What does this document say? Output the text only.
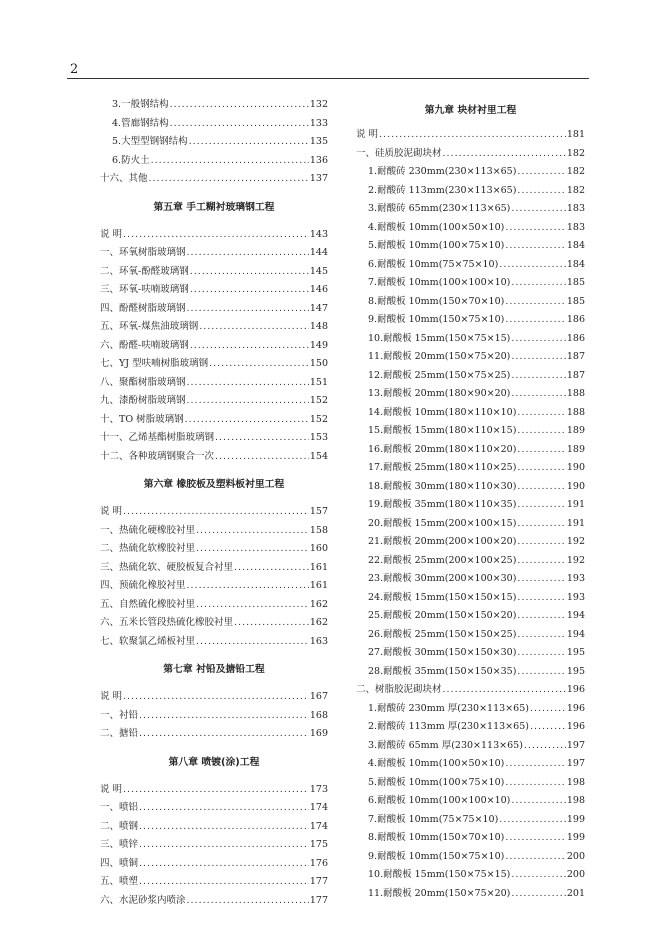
2
3.一般钢结构 .....	132
4.管廊钢结构 .....	133
5.大型型钢钢结构 .....	135
6.防火土 .....	136
十六、其他 .....	137
第五章 手工糊衬玻璃钢工程
说 明 .....	143
一、环氧树脂玻璃钢 .....	144
二、环氧-酚醛玻璃钢 .....	145
三、环氧-呋喃玻璃钢 .....	146
四、酚醛树脂玻璃钢 .....	147
五、环氧-煤焦油玻璃钢 .....	148
六、酚醛-呋喃玻璃钢 .....	149
七、YJ 型呋喃树脂玻璃钢 .....	150
八、聚酯树脂玻璃钢 .....	151
九、漆酚树脂玻璃钢 .....	152
十、TO 树脂玻璃钢 .....	152
十一、乙烯基酯树脂玻璃钢 .....	153
十二、各种玻璃钢聚合一次 .....	154
第六章 橡胶板及塑料板衬里工程
说 明 .....	157
一、热硫化硬橡胶衬里 .....	158
二、热硫化软橡胶衬里 .....	160
三、热硫化软、硬胶板复合衬里 .....	161
四、预硫化橡胶衬里 .....	161
五、自然硫化橡胶衬里 .....	162
六、五米长管段热硫化橡胶衬里 .....	162
七、软聚氯乙烯板衬里 .....	163
第七章 衬铅及搪铅工程
说 明 .....	167
一、衬铅 .....	168
二、搪铅 .....	169
第八章 喷镀(涂)工程
说 明 .....	173
一、喷铝 .....	174
二、喷钢 .....	174
三、喷锌 .....	175
四、喷铜 .....	176
五、喷塑 .....	177
六、水泥砂浆内喷涂 .....	177
第九章 块材衬里工程
说 明 .....	181
一、硅质胶泥砌块材 .....	182
1.耐酸砖 230mm(230×113×65) .....	182
2.耐酸砖 113mm(230×113×65) .....	182
3.耐酸砖 65mm(230×113×65) .....	183
4.耐酸板 10mm(100×50×10) .....	183
5.耐酸板 10mm(100×75×10) .....	184
6.耐酸板 10mm(75×75×10) .....	184
7.耐酸板 10mm(100×100×10) .....	185
8.耐酸板 10mm(150×70×10) .....	185
9.耐酸板 10mm(150×75×10) .....	186
10.耐酸板 15mm(150×75×15) .....	186
11.耐酸板 20mm(150×75×20) .....	187
12.耐酸板 25mm(150×75×25) .....	187
13.耐酸板 20mm(180×90×20) .....	188
14.耐酸板 10mm(180×110×10) .....	188
15.耐酸板 15mm(180×110×15) .....	189
16.耐酸板 20mm(180×110×20) .....	189
17.耐酸板 25mm(180×110×25) .....	190
18.耐酸板 30mm(180×110×30) .....	190
19.耐酸板 35mm(180×110×35) .....	191
20.耐酸板 15mm(200×100×15) .....	191
21.耐酸板 20mm(200×100×20) .....	192
22.耐酸板 25mm(200×100×25) .....	192
23.耐酸板 30mm(200×100×30) .....	193
24.耐酸板 15mm(150×150×15) .....	193
25.耐酸板 20mm(150×150×20) .....	194
26.耐酸板 25mm(150×150×25) .....	194
27.耐酸板 30mm(150×150×30) .....	195
28.耐酸板 35mm(150×150×35) .....	195
二、树脂胶泥砌块材 .....	196
1.耐酸砖 230mm 厚(230×113×65) .....	196
2.耐酸砖 113mm 厚(230×113×65) .....	196
3.耐酸砖 65mm 厚(230×113×65) .....	197
4.耐酸板 10mm(100×50×10) .....	197
5.耐酸板 10mm(100×75×10) .....	198
6.耐酸板 10mm(100×100×10) .....	198
7.耐酸板 10mm(75×75×10) .....	199
8.耐酸板 10mm(150×70×10) .....	199
9.耐酸板 10mm(150×75×10) .....	200
10.耐酸板 15mm(150×75×15) .....	200
11.耐酸板 20mm(150×75×20) .....	201
